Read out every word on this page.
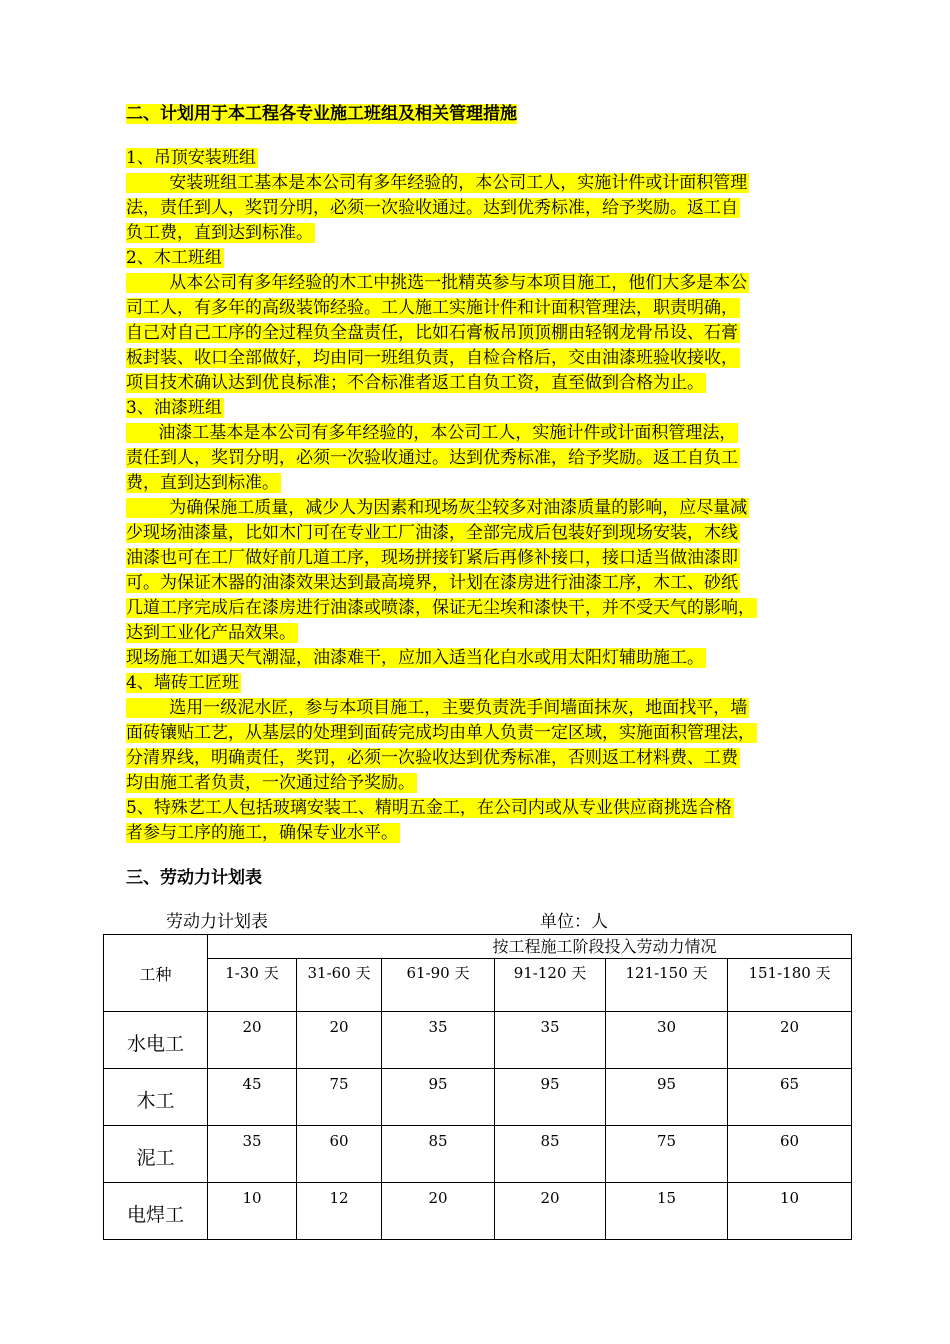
二、计划用于本工程各专业施工班组及相关管理措施
1、吊顶安装班组
安装班组工基本是本公司有多年经验的，本公司工人，实施计件或计面积管理
法，责任到人，奖罚分明，必须一次验收通过。达到优秀标准，给予奖励。返工自
负工费，直到达到标准。
2、木工班组
从本公司有多年经验的木工中挑选一批精英参与本项目施工，他们大多是本公
司工人，有多年的高级装饰经验。工人施工实施计件和计面积管理法，职责明确，
自己对自己工序的全过程负全盘责任，比如石膏板吊顶顶棚由轻钢龙骨吊设、石膏
板封装、收口全部做好，均由同一班组负责，自检合格后，交由油漆班验收接收，
项目技术确认达到优良标准；不合标准者返工自负工资，直至做到合格为止。
3、油漆班组
油漆工基本是本公司有多年经验的，本公司工人，实施计件或计面积管理法，
责任到人，奖罚分明，必须一次验收通过。达到优秀标准，给予奖励。返工自负工
费，直到达到标准。
为确保施工质量，减少人为因素和现场灰尘较多对油漆质量的影响，应尽量减
少现场油漆量，比如木门可在专业工厂油漆，全部完成后包装好到现场安装，木线
油漆也可在工厂做好前几道工序，现场拼接钉紧后再修补接口，接口适当做油漆即
可。为保证木器的油漆效果达到最高境界，计划在漆房进行油漆工序，木工、砂纸
几道工序完成后在漆房进行油漆或喷漆，保证无尘埃和漆快干，并不受天气的影响，
达到工业化产品效果。
现场施工如遇天气潮湿，油漆难干，应加入适当化白水或用太阳灯辅助施工。
4、墙砖工匠班
选用一级泥水匠，参与本项目施工，主要负责洗手间墙面抹灰，地面找平，墙
面砖镶贴工艺，从基层的处理到面砖完成均由单人负责一定区域，实施面积管理法，
分清界线，明确责任，奖罚，必须一次验收达到优秀标准，否则返工材料费、工费
均由施工者负责，一次通过给予奖励。
5、特殊艺工人包括玻璃安装工、精明五金工，在公司内或从专业供应商挑选合格
者参与工序的施工，确保专业水平。
三、劳动力计划表
劳动力计划表	单位：人
工种	按工程施工阶段投入劳动力情况					
	1-30 天	31-60 天	61-90 天	91-120 天	121-150 天	151-180 天
水电工	20	20	35	35	30	20
木工	45	75	95	95	95	65
泥工	35	60	85	85	75	60
电焊工	10	12	20	20	15	10
